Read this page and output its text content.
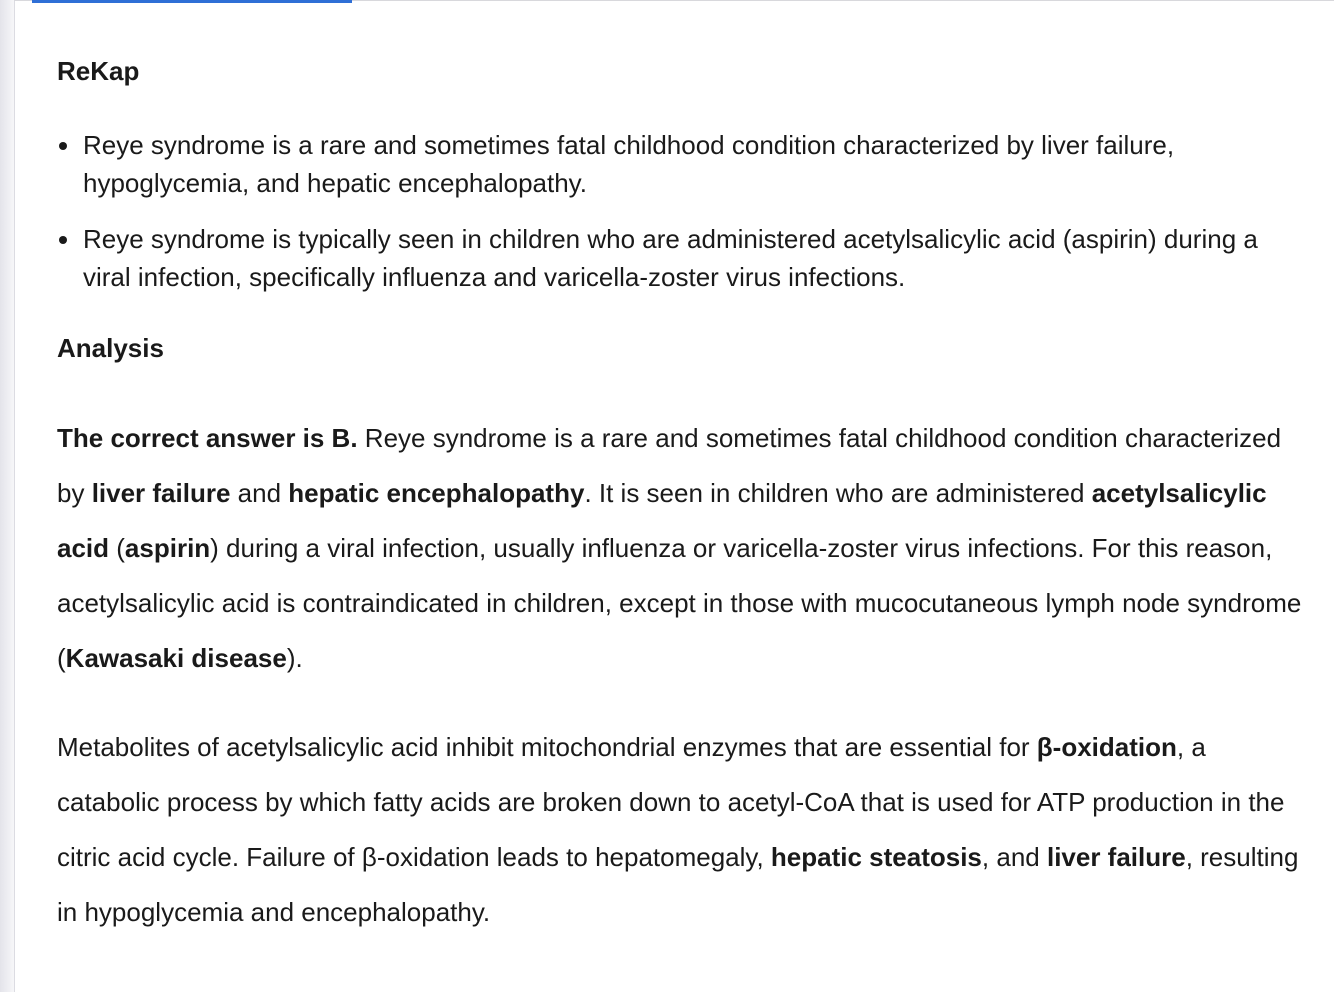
ReKap
Reye syndrome is a rare and sometimes fatal childhood condition characterized by liver failure, hypoglycemia, and hepatic encephalopathy.
Reye syndrome is typically seen in children who are administered acetylsalicylic acid (aspirin) during a viral infection, specifically influenza and varicella-zoster virus infections.
Analysis

The correct answer is B. Reye syndrome is a rare and sometimes fatal childhood condition characterized by liver failure and hepatic encephalopathy. It is seen in children who are administered acetylsalicylic acid (aspirin) during a viral infection, usually influenza or varicella-zoster virus infections. For this reason, acetylsalicylic acid is contraindicated in children, except in those with mucocutaneous lymph node syndrome (Kawasaki disease).

Metabolites of acetylsalicylic acid inhibit mitochondrial enzymes that are essential for β-oxidation, a catabolic process by which fatty acids are broken down to acetyl-CoA that is used for ATP production in the citric acid cycle. Failure of β-oxidation leads to hepatomegaly, hepatic steatosis, and liver failure, resulting in hypoglycemia and encephalopathy.
